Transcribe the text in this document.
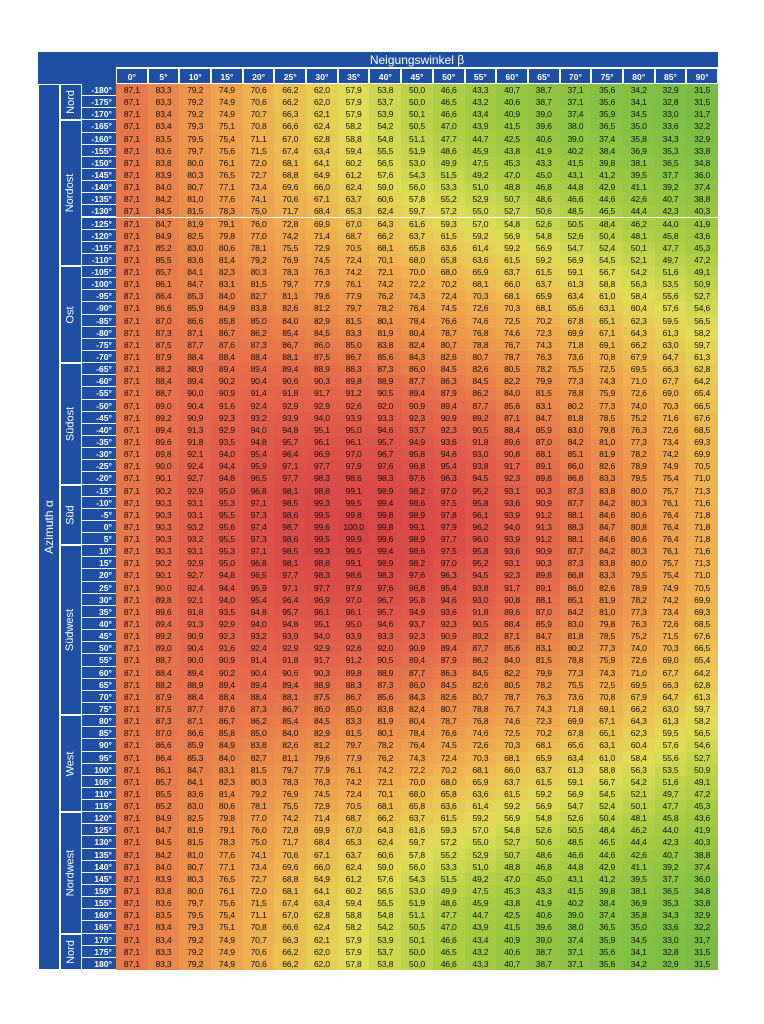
0°	5°	10°	15°	20°	25°	30°	35°	40°	45°	50°	55°	60°	65°	70°	75°	80°	85°	90°
Azimuth α
Nord
Nordost
Ost
Südost
Süd
Südwest
West
Nordwest
Nord
-180°	87,1	83,3	79,2	74,9	70,6	66,2	62,0	57,9	53,8	50,0	46,6	43,3	40,7	38,7	37,1	35,6	34,2	32,9	31,5
-175°	87,1	83,3	79,2	74,9	70,6	66,2	62,0	57,9	53,7	50,0	46,5	43,2	40,6	38,7	37,1	35,6	34,1	32,8	31,5
-170°	87,1	83,4	79,2	74,9	70,7	66,3	62,1	57,9	53,9	50,1	46,6	43,4	40,9	39,0	37,4	35,9	34,5	33,0	31,7
-165°	87,1	83,4	79,3	75,1	70,8	66,6	62,4	58,2	54,2	50,5	47,0	43,9	41,5	39,6	38,0	36,5	35,0	33,6	32,2
-160°	87,1	83,5	79,5	75,4	71,1	67,0	62,8	58,8	54,8	51,1	47,7	44,7	42,5	40,6	39,0	37,4	35,8	34,3	32,9
-155°	87,1	83,6	79,7	75,6	71,5	67,4	63,4	59,4	55,5	51,9	48,6	45,9	43,8	41,9	40,2	38,4	36,9	35,3	33,8
-150°	87,1	83,8	80,0	76,1	72,0	68,1	64,1	60,2	56,5	53,0	49,9	47,5	45,3	43,3	41,5	39,8	38,1	36,5	34,8
-145°	87,1	83,9	80,3	76,5	72,7	68,8	64,9	61,2	57,6	54,3	51,5	49,2	47,0	45,0	43,1	41,2	39,5	37,7	36,0
-140°	87,1	84,0	80,7	77,1	73,4	69,6	66,0	62,4	59,0	56,0	53,3	51,0	48,8	46,8	44,8	42,9	41,1	39,2	37,4
-135°	87,1	84,2	81,0	77,6	74,1	70,6	67,1	63,7	60,6	57,8	55,2	52,9	50,7	48,6	46,6	44,6	42,6	40,7	38,8
-130°	87,1	84,5	81,5	78,3	75,0	71,7	68,4	65,3	62,4	59,7	57,2	55,0	52,7	50,6	48,5	46,5	44,4	42,3	40,3
-125°	87,1	84,7	81,9	79,1	76,0	72,8	69,9	67,0	64,3	61,6	59,3	57,0	54,8	52,6	50,5	48,4	46,2	44,0	41,9
-120°	87,1	84,9	82,5	79,8	77,0	74,2	71,4	68,7	66,2	63,7	61,5	59,2	56,9	54,8	52,6	50,4	48,1	45,8	43,6
-115°	87,1	85,2	83,0	80,6	78,1	75,5	72,9	70,5	68,1	65,8	63,6	61,4	59,2	56,9	54,7	52,4	50,1	47,7	45,3
-110°	87,1	85,5	83,6	81,4	79,2	76,9	74,5	72,4	70,1	68,0	65,8	63,6	61,5	59,2	56,9	54,5	52,1	49,7	47,2
-105°	87,1	85,7	84,1	82,3	80,3	78,3	76,3	74,2	72,1	70,0	68,0	65,9	63,7	61,5	59,1	56,7	54,2	51,6	49,1
-100°	87,1	86,1	84,7	83,1	81,5	79,7	77,9	76,1	74,2	72,2	70,2	68,1	66,0	63,7	61,3	58,8	56,3	53,5	50,9
-95°	87,1	86,4	85,3	84,0	82,7	81,1	79,6	77,9	76,2	74,3	72,4	70,3	68,1	65,9	63,4	61,0	58,4	55,6	52,7
-90°	87,1	86,6	85,9	84,9	83,8	82,6	81,2	79,7	78,2	76,4	74,5	72,6	70,3	68,1	65,6	63,1	60,4	57,6	54,6
-85°	87,1	87,0	86,6	85,8	85,0	84,0	82,9	81,5	80,1	78,4	76,6	74,6	72,5	70,2	67,8	65,1	62,3	59,5	56,5
-80°	87,1	87,3	87,1	86,7	86,2	85,4	84,5	83,3	81,9	80,4	78,7	76,8	74,6	72,3	69,9	67,1	64,3	61,3	58,2
-75°	87,1	87,5	87,7	87,6	87,3	86,7	86,0	85,0	83,8	82,4	80,7	78,8	76,7	74,3	71,8	69,1	66,2	63,0	59,7
-70°	87,1	87,9	88,4	88,4	88,4	88,1	87,5	86,7	85,6	84,3	82,6	80,7	78,7	76,3	73,6	70,8	67,9	64,7	61,3
-65°	87,1	88,2	88,9	89,4	89,4	89,4	88,9	88,3	87,3	86,0	84,5	82,6	80,5	78,2	75,5	72,5	69,5	66,3	62,8
-60°	87,1	88,4	89,4	90,2	90,4	90,6	90,3	89,8	88,9	87,7	86,3	84,5	82,2	79,9	77,3	74,3	71,0	67,7	64,2
-55°	87,1	88,7	90,0	90,9	91,4	91,8	91,7	91,2	90,5	89,4	87,9	86,2	84,0	81,5	78,8	75,9	72,6	69,0	65,4
-50°	87,1	89,0	90,4	91,6	92,4	92,9	92,9	92,6	92,0	90,9	89,4	87,7	85,6	83,1	80,2	77,3	74,0	70,3	66,5
-45°	87,1	89,2	90,9	92,3	93,2	93,9	94,0	93,9	93,3	92,3	90,9	89,2	87,1	84,7	81,8	78,5	75,2	71,6	67,6
-40°	87,1	89,4	91,3	92,9	94,0	94,8	95,1	95,0	94,6	93,7	92,3	90,5	88,4	85,9	83,0	79,8	76,3	72,6	68,5
-35°	87,1	89,6	91,8	93,5	94,8	95,7	96,1	96,1	95,7	94,9	93,6	91,8	89,6	87,0	84,2	81,0	77,3	73,4	69,3
-30°	87,1	89,8	92,1	94,0	95,4	96,4	96,9	97,0	96,7	95,8	94,6	93,0	90,8	88,1	85,1	81,9	78,2	74,2	69,9
-25°	87,1	90,0	92,4	94,4	95,9	97,1	97,7	97,9	97,6	96,8	95,4	93,8	91,7	89,1	86,0	82,6	78,9	74,9	70,5
-20°	87,1	90,1	92,7	94,8	96,5	97,7	98,3	98,6	98,3	97,6	96,3	94,5	92,3	89,8	86,8	83,3	79,5	75,4	71,0
-15°	87,1	90,2	92,9	95,0	96,8	98,1	98,8	99,1	98,9	98,2	97,0	95,2	93,1	90,3	87,3	83,8	80,0	75,7	71,3
-10°	87,1	90,3	93,1	95,3	97,1	98,5	99,3	99,5	99,4	98,6	97,5	95,8	93,6	90,9	87,7	84,2	80,3	76,1	71,6
-5°	87,1	90,3	93,1	95,5	97,3	98,6	99,5	99,8	99,8	98,9	97,8	96,1	93,9	91,2	88,1	84,6	80,6	76,4	71,8
0°	87,1	90,3	93,2	95,6	97,4	98,7	99,6	100,0	99,8	99,1	97,9	96,2	94,0	91,3	88,3	84,7	80,8	76,4	71,8
5°	87,1	90,3	93,2	95,5	97,3	98,6	99,5	99,9	99,6	98,9	97,7	96,0	93,9	91,2	88,1	84,6	80,6	76,4	71,8
10°	87,1	90,3	93,1	95,3	97,1	98,5	99,3	99,5	99,4	98,6	97,5	95,8	93,6	90,9	87,7	84,2	80,3	76,1	71,6
15°	87,1	90,2	92,9	95,0	96,8	98,1	98,8	99,1	98,9	98,2	97,0	95,2	93,1	90,3	87,3	83,8	80,0	75,7	71,3
20°	87,1	90,1	92,7	94,8	96,5	97,7	98,3	98,6	98,3	97,6	96,3	94,5	92,3	89,8	86,8	83,3	79,5	75,4	71,0
25°	87,1	90,0	92,4	94,4	95,9	97,1	97,7	97,9	97,6	96,8	95,4	93,8	91,7	89,1	86,0	82,6	78,9	74,9	70,5
30°	87,1	89,8	92,1	94,0	95,4	96,4	96,9	97,0	96,7	95,8	94,6	93,0	90,8	88,1	85,1	81,9	78,2	74,2	69,9
35°	87,1	89,6	91,8	93,5	94,8	95,7	96,1	96,1	95,7	94,9	93,6	91,8	89,6	87,0	84,2	81,0	77,3	73,4	69,3
40°	87,1	89,4	91,3	92,9	94,0	94,8	95,1	95,0	94,6	93,7	92,3	90,5	88,4	85,9	83,0	79,8	76,3	72,6	68,5
45°	87,1	89,2	90,9	92,3	93,2	93,9	94,0	93,9	93,3	92,3	90,9	89,2	87,1	84,7	81,8	78,5	75,2	71,5	67,6
50°	87,1	89,0	90,4	91,6	92,4	92,9	92,9	92,6	92,0	90,9	89,4	87,7	85,6	83,1	80,2	77,3	74,0	70,3	66,5
55°	87,1	88,7	90,0	90,9	91,4	91,8	91,7	91,2	90,5	89,4	87,9	86,2	84,0	81,5	78,8	75,9	72,6	69,0	65,4
60°	87,1	88,4	89,4	90,2	90,4	90,6	90,3	89,8	88,9	87,7	86,3	84,5	82,2	79,9	77,3	74,3	71,0	67,7	64,2
65°	87,1	88,2	88,9	89,4	89,4	89,4	88,9	88,3	87,3	86,0	84,5	82,6	80,5	78,2	75,5	72,5	69,5	66,3	62,8
70°	87,1	87,9	88,4	88,4	88,4	88,1	87,5	86,7	85,6	84,3	82,6	80,7	78,7	76,3	73,6	70,8	67,9	64,7	61,3
75°	87,1	87,5	87,7	87,6	87,3	86,7	86,0	85,0	83,8	82,4	80,7	78,8	76,7	74,3	71,8	69,1	66,2	63,0	59,7
80°	87,1	87,3	87,1	86,7	86,2	85,4	84,5	83,3	81,9	80,4	78,7	76,8	74,6	72,3	69,9	67,1	64,3	61,3	58,2
85°	87,1	87,0	86,6	85,8	85,0	84,0	82,9	81,5	80,1	78,4	76,6	74,6	72,5	70,2	67,8	65,1	62,3	59,5	56,5
90°	87,1	86,6	85,9	84,9	83,8	82,6	81,2	79,7	78,2	76,4	74,5	72,6	70,3	68,1	65,6	63,1	60,4	57,6	54,6
95°	87,1	86,4	85,3	84,0	82,7	81,1	79,6	77,9	76,2	74,3	72,4	70,3	68,1	65,9	63,4	61,0	58,4	55,6	52,7
100°	87,1	86,1	84,7	83,1	81,5	79,7	77,9	76,1	74,2	72,2	70,2	68,1	66,0	63,7	61,3	58,8	56,3	53,5	50,9
105°	87,1	85,7	84,1	82,3	80,3	78,3	76,3	74,2	72,1	70,0	68,0	65,9	63,7	61,5	59,1	56,7	54,2	51,6	49,1
110°	87,1	85,5	83,6	81,4	79,2	76,9	74,5	72,4	70,1	68,0	65,8	63,6	61,5	59,2	56,9	54,5	52,1	49,7	47,2
115°	87,1	85,2	83,0	80,6	78,1	75,5	72,9	70,5	68,1	65,8	63,6	61,4	59,2	56,9	54,7	52,4	50,1	47,7	45,3
120°	87,1	84,9	82,5	79,8	77,0	74,2	71,4	68,7	66,2	63,7	61,5	59,2	56,9	54,8	52,6	50,4	48,1	45,8	43,6
125°	87,1	84,7	81,9	79,1	76,0	72,8	69,9	67,0	64,3	61,6	59,3	57,0	54,8	52,6	50,5	48,4	46,2	44,0	41,9
130°	87,1	84,5	81,5	78,3	75,0	71,7	68,4	65,3	62,4	59,7	57,2	55,0	52,7	50,6	48,5	46,5	44,4	42,3	40,3
135°	87,1	84,2	81,0	77,6	74,1	70,6	67,1	63,7	60,6	57,8	55,2	52,9	50,7	48,6	46,6	44,6	42,6	40,7	38,8
140°	87,1	84,0	80,7	77,1	73,4	69,6	66,0	62,4	59,0	56,0	53,3	51,0	48,8	46,8	44,8	42,9	41,1	39,2	37,4
145°	87,1	83,9	80,3	76,5	72,7	68,8	64,9	61,2	57,6	54,3	51,5	49,2	47,0	45,0	43,1	41,2	39,5	37,7	36,0
150°	87,1	83,8	80,0	76,1	72,0	68,1	64,1	60,2	56,5	53,0	49,9	47,5	45,3	43,3	41,5	39,8	38,1	36,5	34,8
155°	87,1	83,6	79,7	75,6	71,5	67,4	63,4	59,4	55,5	51,9	48,6	45,9	43,8	41,9	40,2	38,4	36,9	35,3	33,8
160°	87,1	83,5	79,5	75,4	71,1	67,0	62,8	58,8	54,8	51,1	47,7	44,7	42,5	40,6	39,0	37,4	35,8	34,3	32,9
165°	87,1	83,4	79,3	75,1	70,8	66,6	62,4	58,2	54,2	50,5	47,0	43,9	41,5	39,6	38,0	36,5	35,0	33,6	32,2
170°	87,1	83,4	79,2	74,9	70,7	66,3	62,1	57,9	53,9	50,1	46,6	43,4	40,9	39,0	37,4	35,9	34,5	33,0	31,7
175°	87,1	83,3	79,2	74,9	70,6	66,2	62,0	57,9	53,7	50,0	46,5	43,2	40,6	38,7	37,1	35,6	34,1	32,8	31,5
180°	87,1	83,3	79,2	74,9	70,6	66,2	62,0	57,8	53,8	50,0	46,6	43,3	40,7	38,7	37,1	35,6	34,2	32,9	31,5
Neigungswinkel β
